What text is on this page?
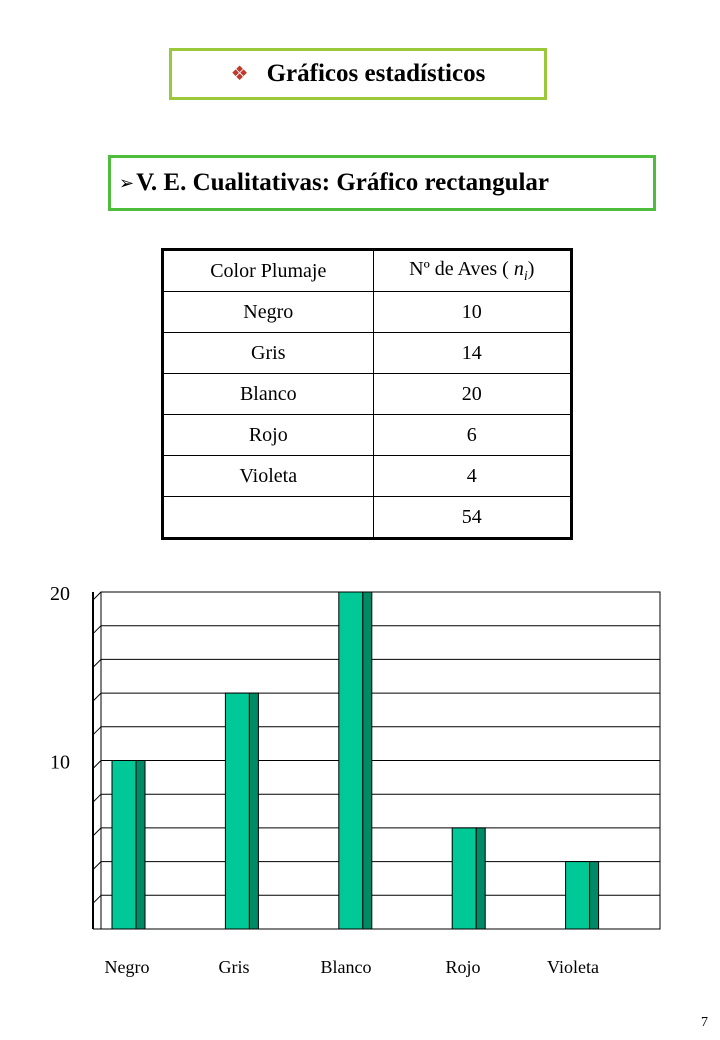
❖ Gráficos estadísticos
➢ V. E. Cualitativas: Gráfico rectangular
Color Plumaje	Nº de Aves ( $n_i$)
Negro	10
Gris	14
Blanco	20
Rojo	6
Violeta	4
	54
10
20
Negro	Gris	Blanco	Rojo	Violeta
7
